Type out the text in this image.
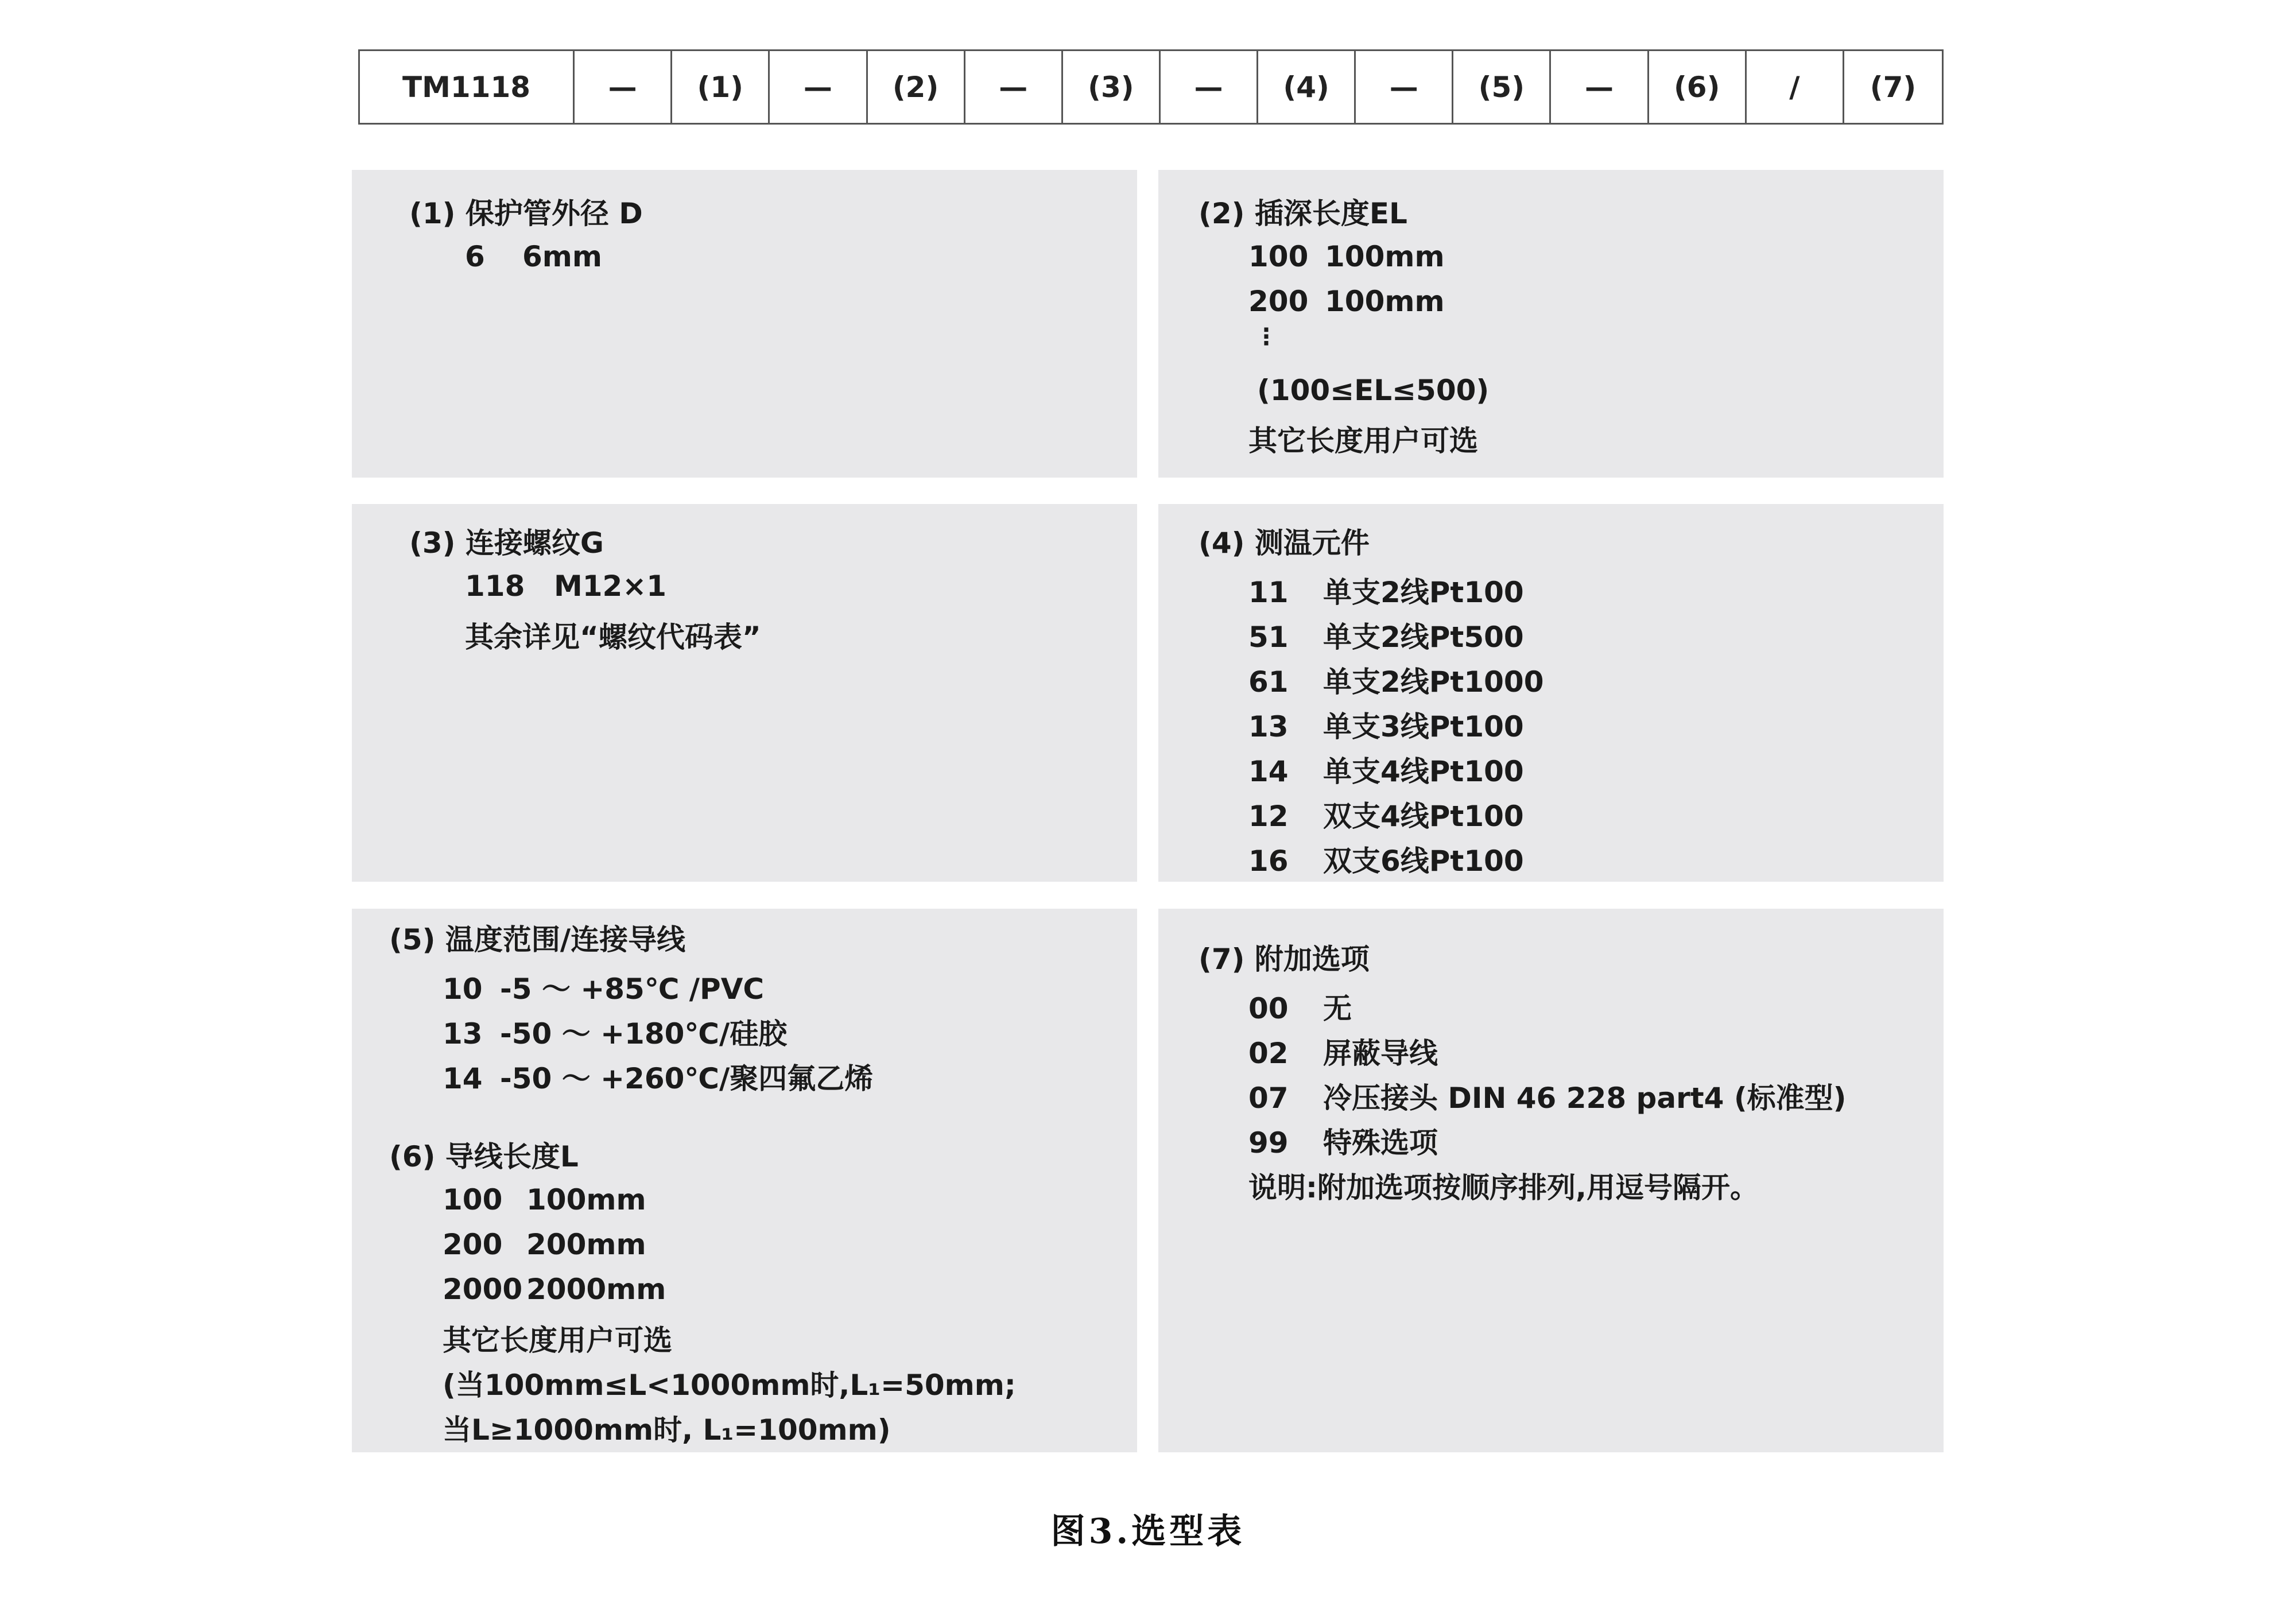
TM1118	—	(1)	—	(2)	—	(3)	—	(4)	—	(5)	—	(6)	/	(7)
(1) 保护管外径 D
6 6mm
(2) 插深长度EL
100 100mm
200 100mm
⋮
(100≤EL≤500)
其它长度用户可选
(3) 连接螺纹G
118 M12×1
其余详见“螺纹代码表”
(4) 测温元件
11 单支2线Pt100
51 单支2线Pt500
61 单支2线Pt1000
13 单支3线Pt100
14 单支4线Pt100
12 双支4线Pt100
16 双支6线Pt100
(5) 温度范围/连接导线
10 -5 ～ +85℃ /PVC
13 -50 ～ +180℃/硅胶
14 -50 ～ +260℃/聚四氟乙烯
(6) 导线长度L
100 100mm
200 200mm
2000 2000mm
其它长度用户可选
(当100mm≤L<1000mm时,L₁=50mm;
当L≥1000mm时, L₁=100mm)
(7) 附加选项
00 无
02 屏蔽导线
07 冷压接头 DIN 46 228 part4 (标准型)
99 特殊选项
说明:附加选项按顺序排列,用逗号隔开。
图3.选型表
